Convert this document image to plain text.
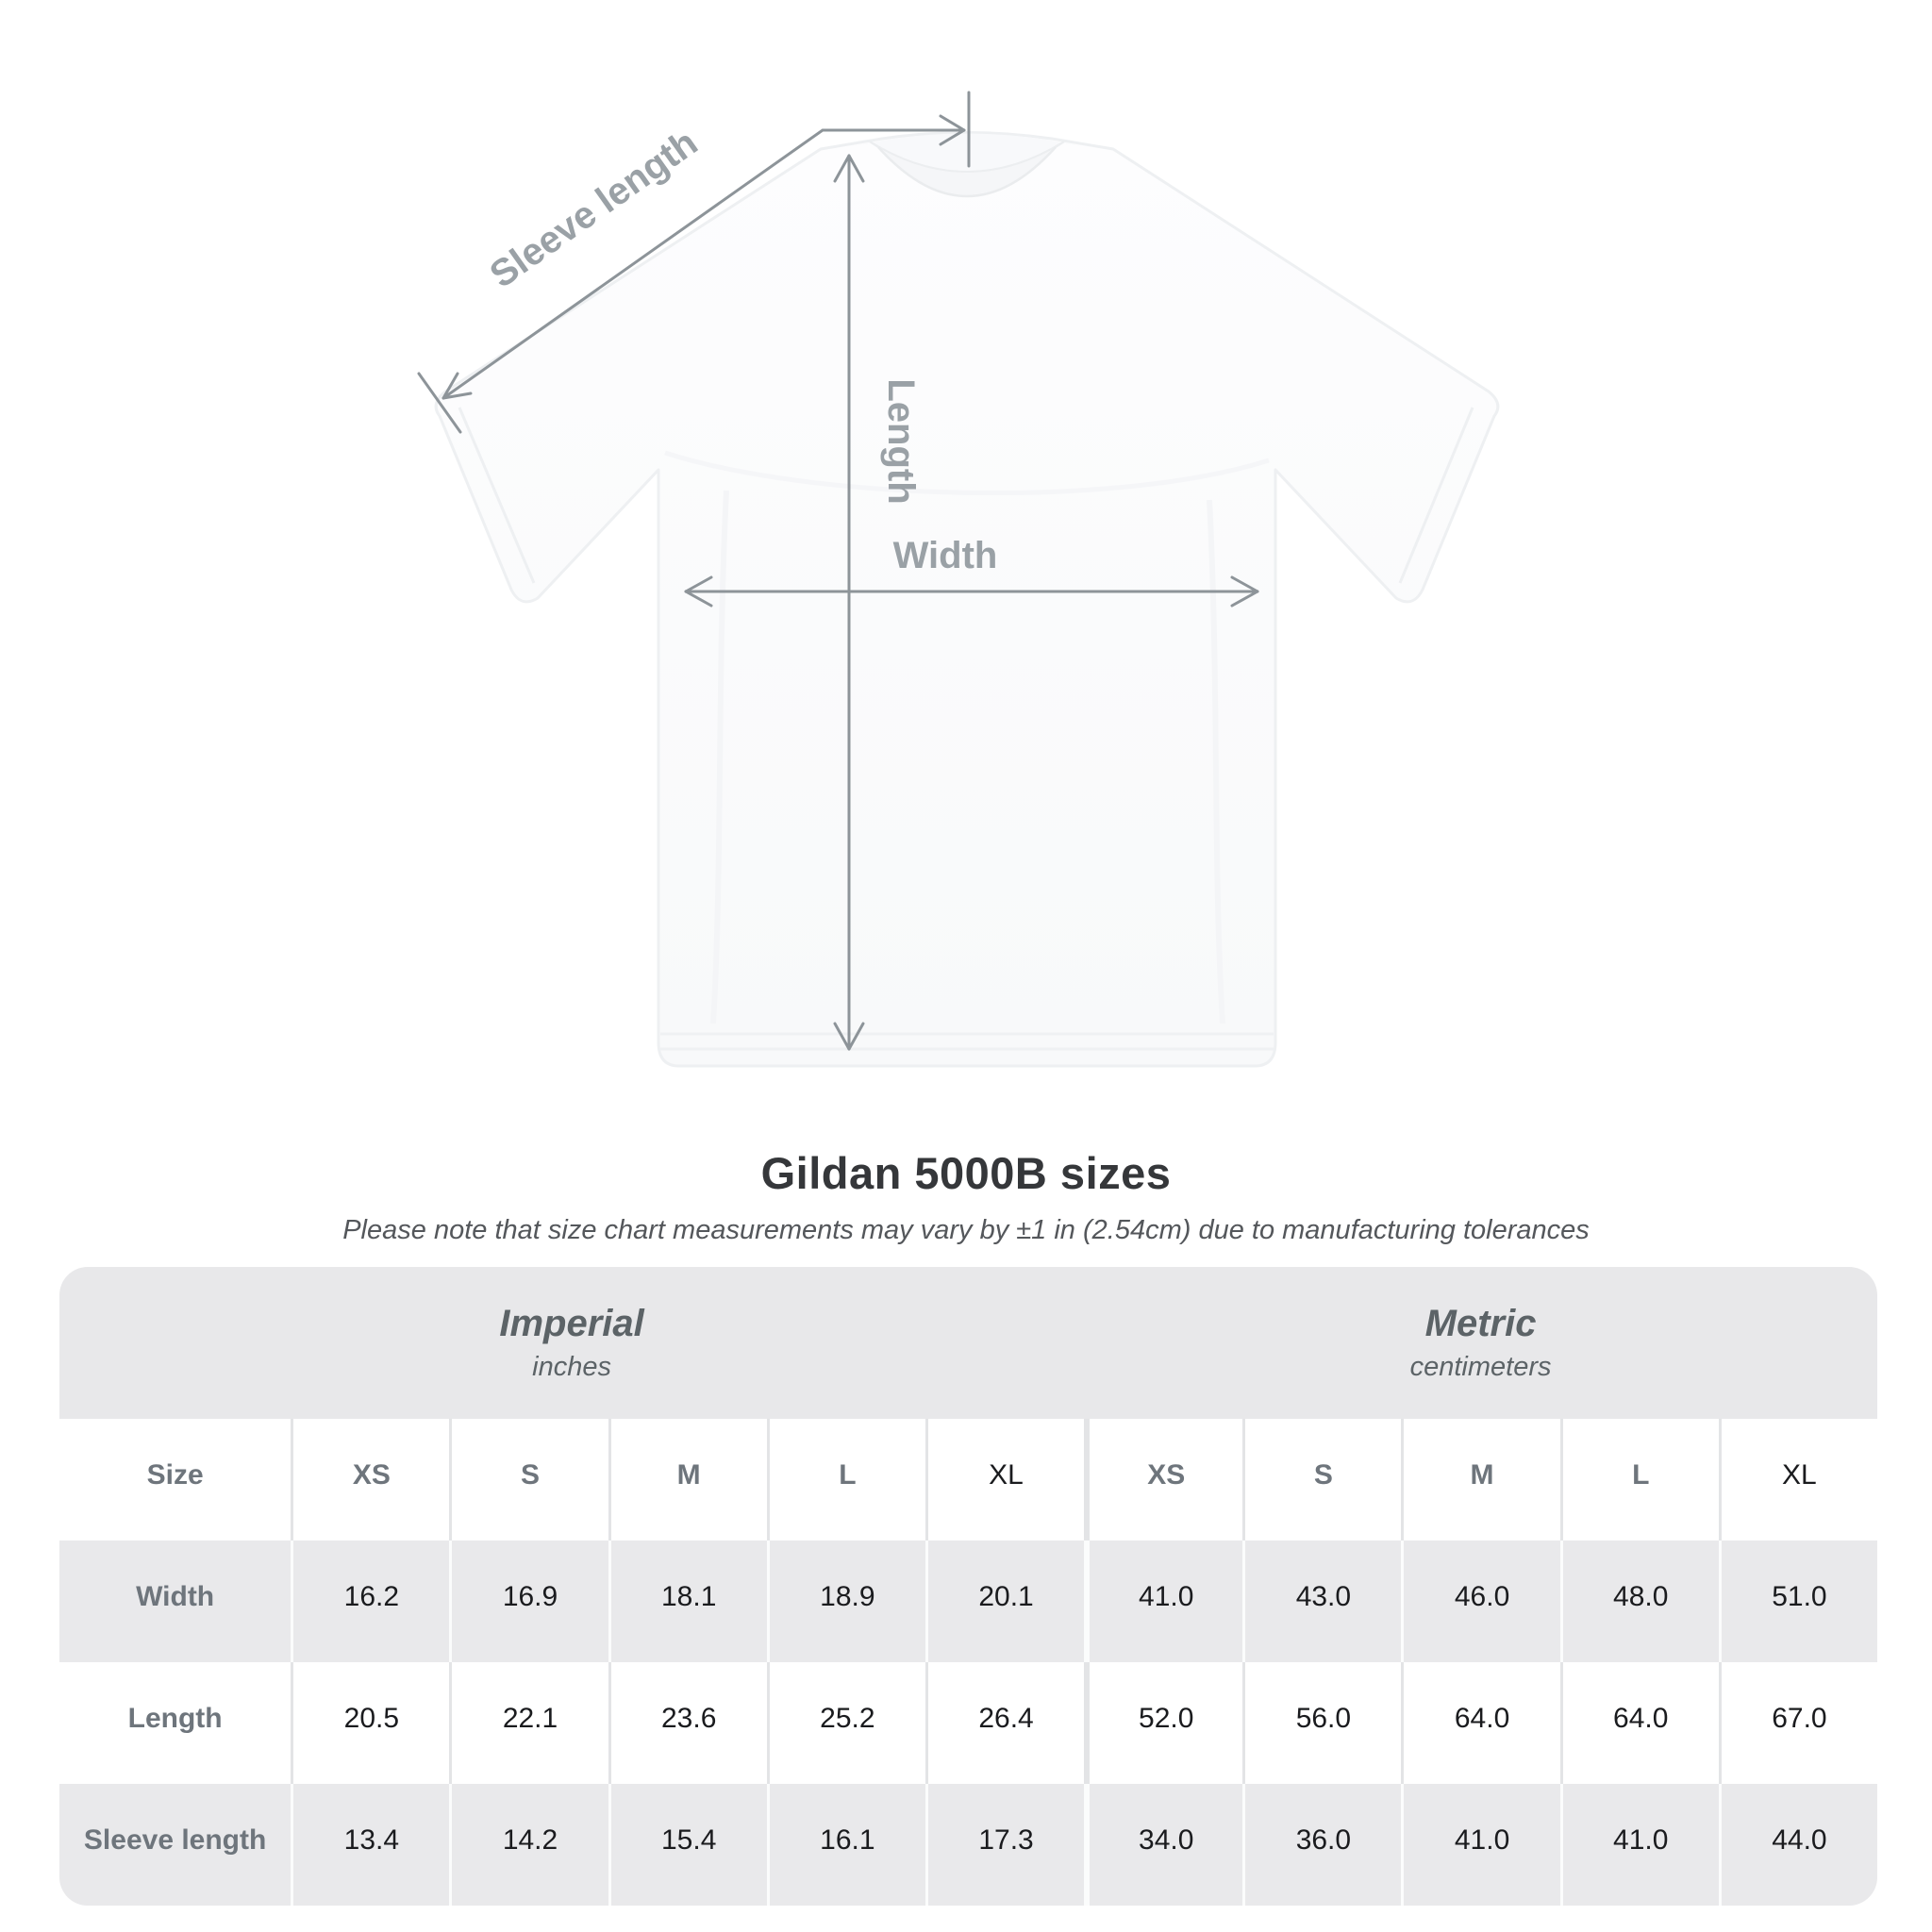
Sleeve length
Length
Width
Gildan 5000B sizes
Please note that size chart measurements may vary by ±1 in (2.54cm) due to manufacturing tolerances
Imperial
inches
Metric
centimeters
Size	XS	S	M	L	XL	XS	S	M	L	XL
Width	16.2	16.9	18.1	18.9	20.1	41.0	43.0	46.0	48.0	51.0
Length	20.5	22.1	23.6	25.2	26.4	52.0	56.0	64.0	64.0	67.0
Sleeve length	13.4	14.2	15.4	16.1	17.3	34.0	36.0	41.0	41.0	44.0
